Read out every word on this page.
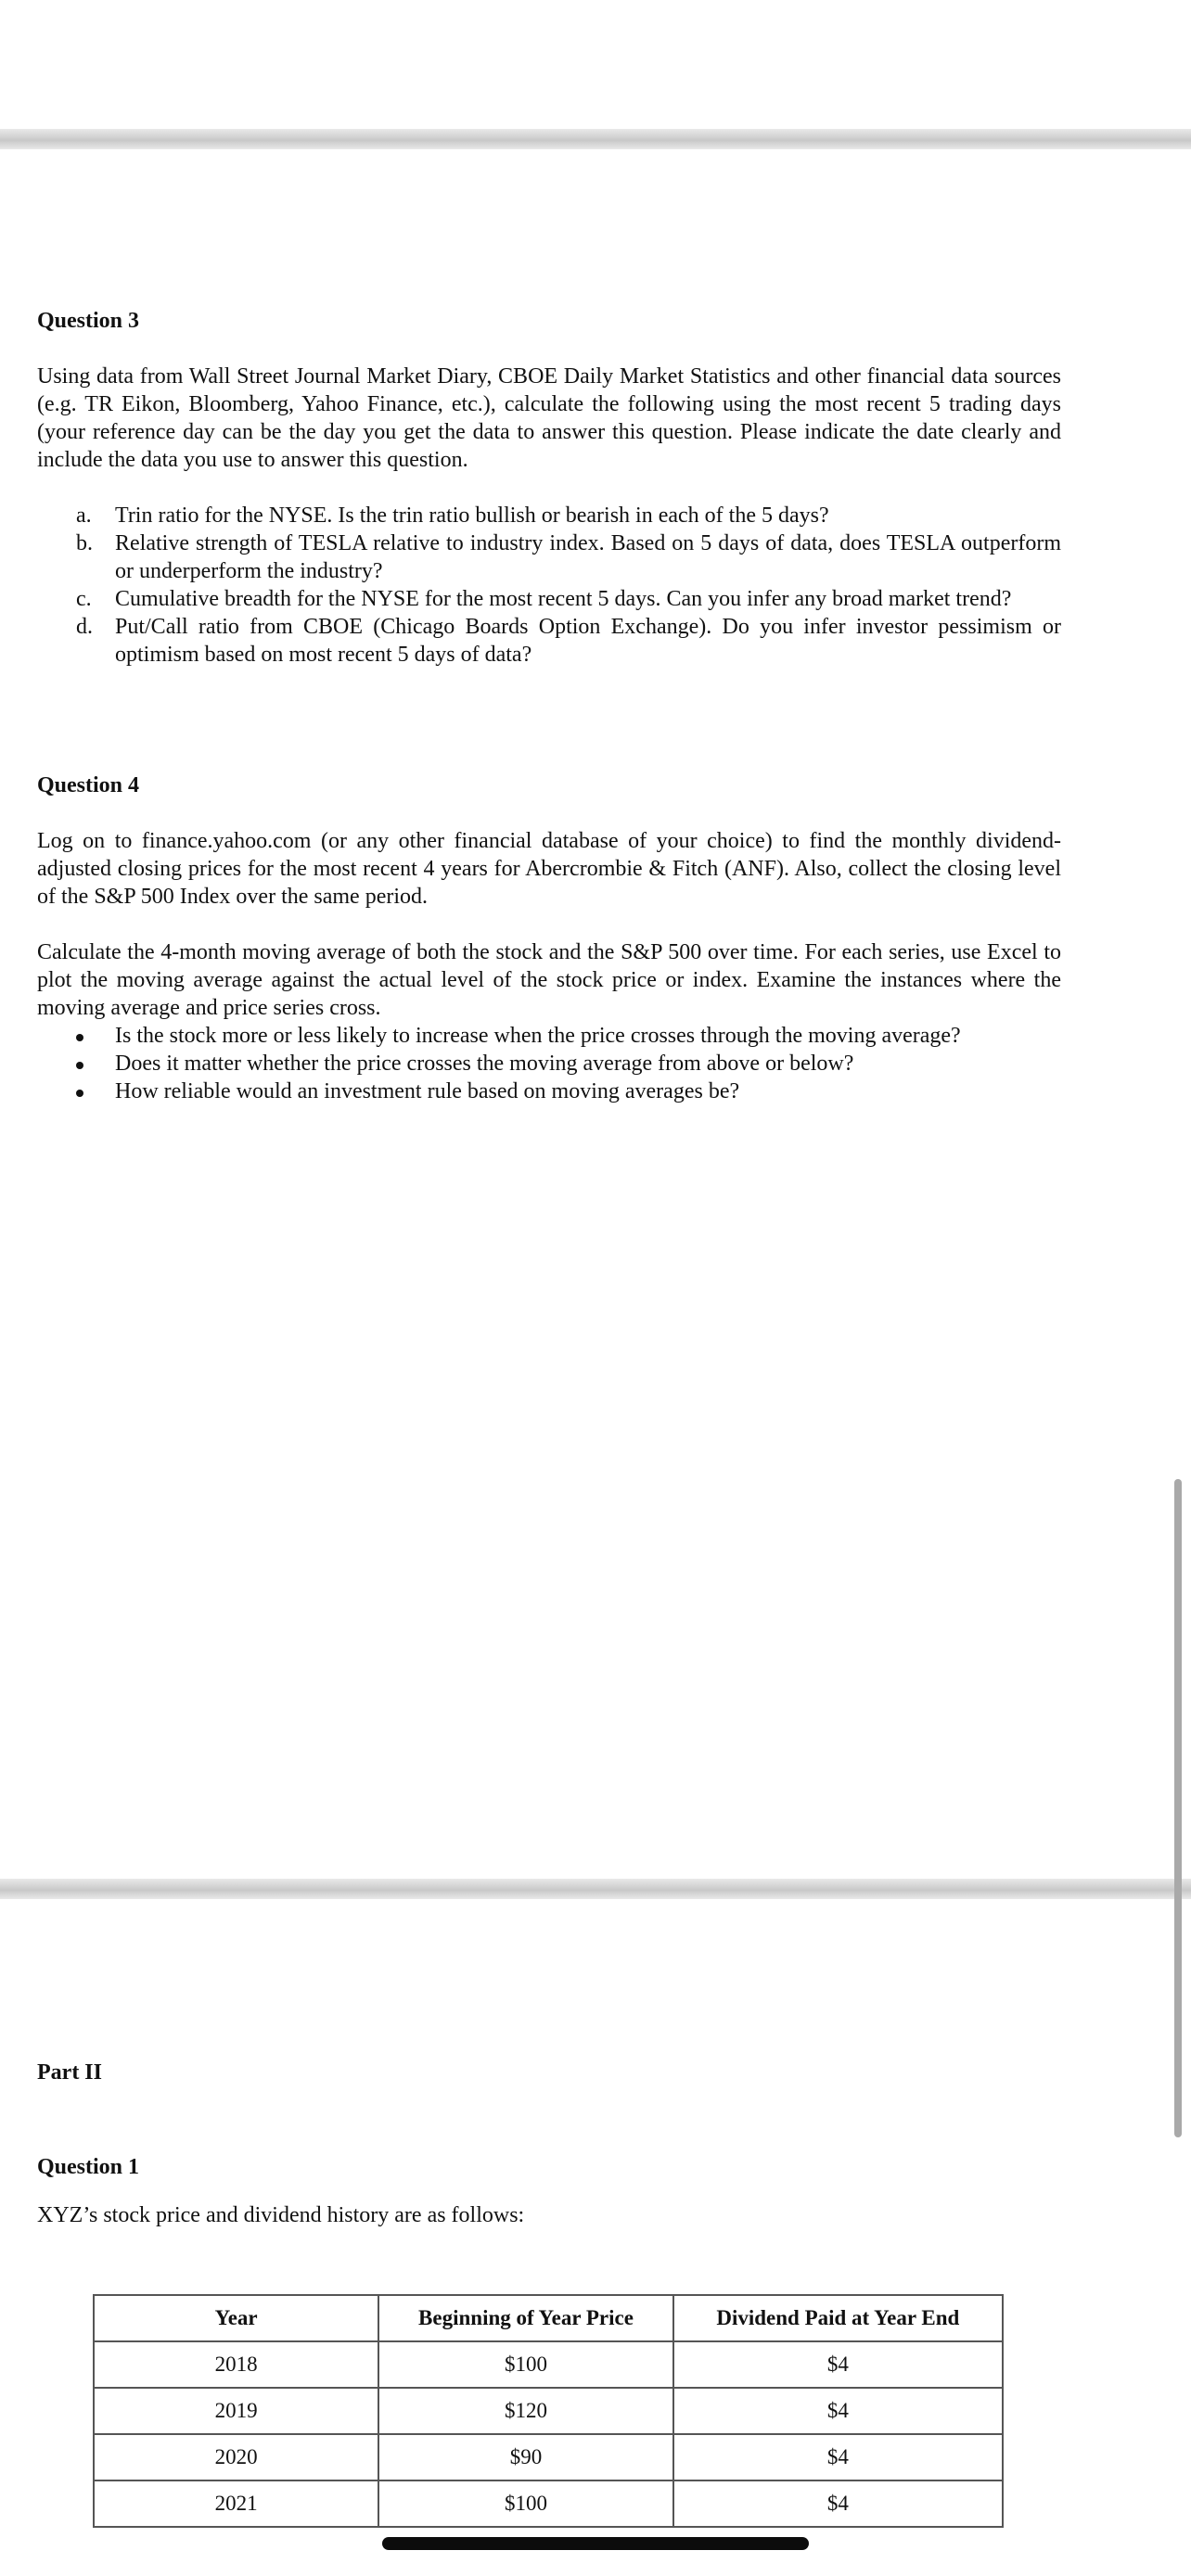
Question 3

Using data from Wall Street Journal Market Diary, CBOE Daily Market Statistics and other financial data sources (e.g. TR Eikon, Bloomberg, Yahoo Finance, etc.), calculate the following using the most recent 5 trading days (your reference day can be the day you get the data to answer this question. Please indicate the date clearly and include the data you use to answer this question.

a. Trin ratio for the NYSE. Is the trin ratio bullish or bearish in each of the 5 days?
b. Relative strength of TESLA relative to industry index. Based on 5 days of data, does TESLA outperform or underperform the industry?
c. Cumulative breadth for the NYSE for the most recent 5 days. Can you infer any broad market trend?
d. Put/Call ratio from CBOE (Chicago Boards Option Exchange). Do you infer investor pessimism or optimism based on most recent 5 days of data?
Question 4

Log on to finance.yahoo.com (or any other financial database of your choice) to find the monthly dividend-adjusted closing prices for the most recent 4 years for Abercrombie & Fitch (ANF). Also, collect the closing level of the S&P 500 Index over the same period.

Calculate the 4-month moving average of both the stock and the S&P 500 over time. For each series, use Excel to plot the moving average against the actual level of the stock price or index. Examine the instances where the moving average and price series cross.

Is the stock more or less likely to increase when the price crosses through the moving average?
Does it matter whether the price crosses the moving average from above or below?
How reliable would an investment rule based on moving averages be?
Part II
Question 1

XYZ’s stock price and dividend history are as follows:

Year	Beginning of Year Price	Dividend Paid at Year End
2018	$100	$4
2019	$120	$4
2020	$90	$4
2021	$100	$4
